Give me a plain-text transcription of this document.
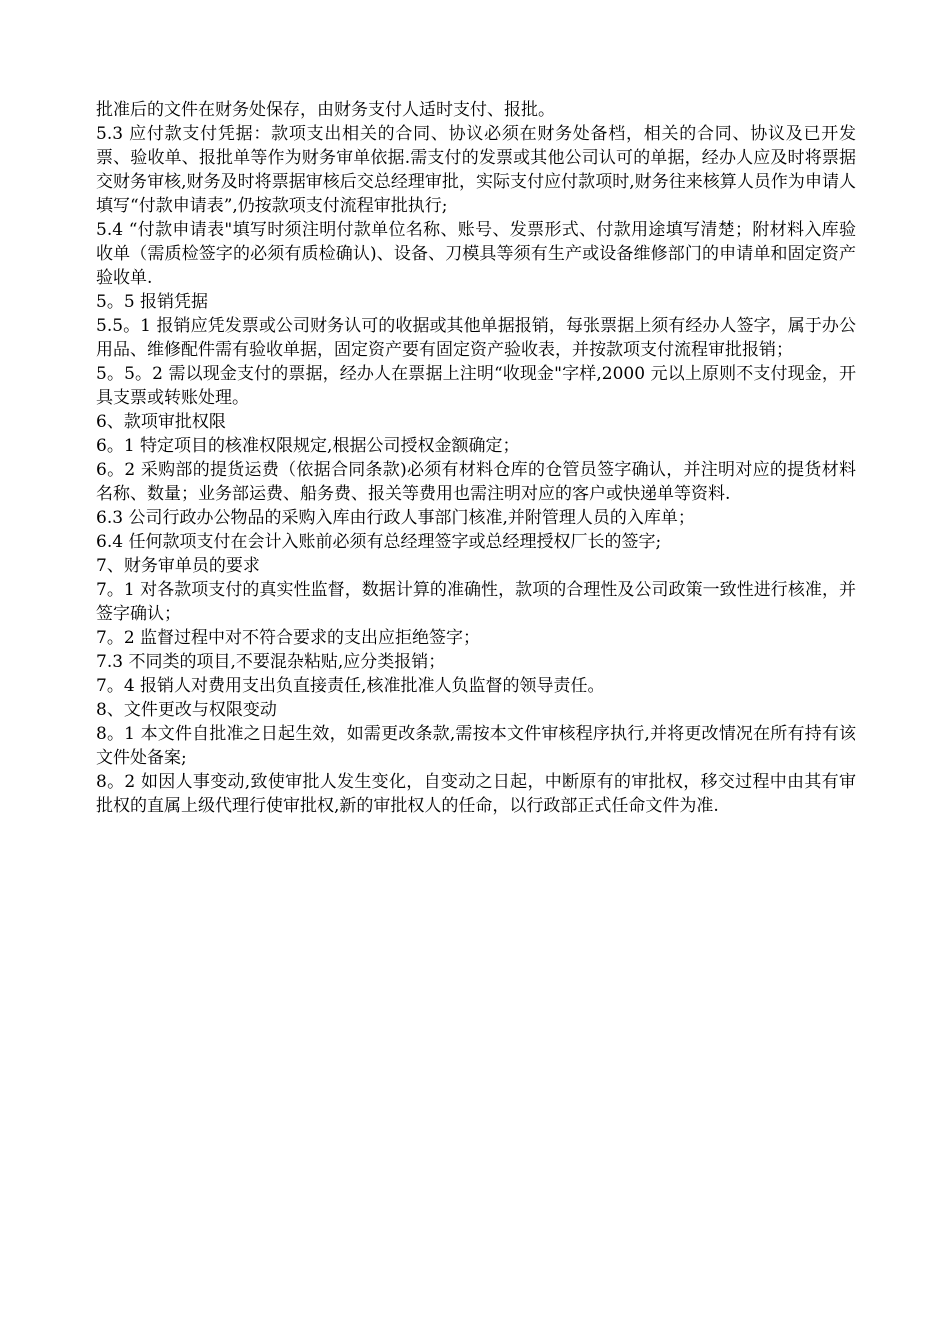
批准后的文件在财务处保存，由财务支付人适时支付、报批。

5.3 应付款支付凭据：款项支出相关的合同、协议必须在财务处备档，相关的合同、协议及已开发票、验收单、报批单等作为财务审单依据.需支付的发票或其他公司认可的单据，经办人应及时将票据交财务审核,财务及时将票据审核后交总经理审批，实际支付应付款项时,财务往来核算人员作为申请人填写“付款申请表”,仍按款项支付流程审批执行;

5.4 “付款申请表"填写时须注明付款单位名称、账号、发票形式、付款用途填写清楚；附材料入库验收单（需质检签字的必须有质检确认)、设备、刀模具等须有生产或设备维修部门的申请单和固定资产验收单.

5。5 报销凭据

5.5。1 报销应凭发票或公司财务认可的收据或其他单据报销，每张票据上须有经办人签字，属于办公用品、维修配件需有验收单据，固定资产要有固定资产验收表，并按款项支付流程审批报销；

5。5。2 需以现金支付的票据，经办人在票据上注明“收现金"字样,2000 元以上原则不支付现金，开具支票或转账处理。

6、款项审批权限

6。1 特定项目的核准权限规定,根据公司授权金额确定；

6。2 采购部的提货运费（依据合同条款)必须有材料仓库的仓管员签字确认，并注明对应的提货材料名称、数量；业务部运费、船务费、报关等费用也需注明对应的客户或快递单等资料.

6.3 公司行政办公物品的采购入库由行政人事部门核准,并附管理人员的入库单；

6.4 任何款项支付在会计入账前必须有总经理签字或总经理授权厂长的签字;

7、财务审单员的要求

7。1 对各款项支付的真实性监督，数据计算的准确性，款项的合理性及公司政策一致性进行核准，并签字确认；

7。2 监督过程中对不符合要求的支出应拒绝签字；

7.3 不同类的项目,不要混杂粘贴,应分类报销；

7。4 报销人对费用支出负直接责任,核准批准人负监督的领导责任。

8、文件更改与权限变动

8。1 本文件自批准之日起生效，如需更改条款,需按本文件审核程序执行,并将更改情况在所有持有该文件处备案;

8。2 如因人事变动,致使审批人发生变化，自变动之日起，中断原有的审批权，移交过程中由其有审批权的直属上级代理行使审批权,新的审批权人的任命，以行政部正式任命文件为准.
